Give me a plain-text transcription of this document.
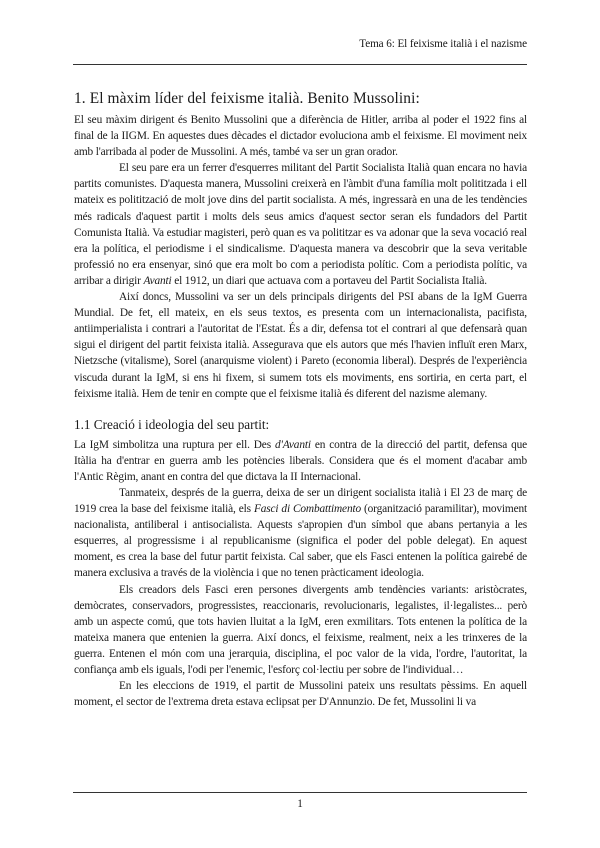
Tema 6: El feixisme italià i el nazisme
1. El màxim líder del feixisme italià. Benito Mussolini:

El seu màxim dirigent és Benito Mussolini que a diferència de Hitler, arriba al poder el 1922 fins al final de la IIGM. En aquestes dues dècades el dictador evoluciona amb el feixisme. El moviment neix amb l'arribada al poder de Mussolini. A més, també va ser un gran orador.

El seu pare era un ferrer d'esquerres militant del Partit Socialista Italià quan encara no havia partits comunistes. D'aquesta manera, Mussolini creixerà en l'àmbit d'una família molt polititzada i ell mateix es politització de molt jove dins del partit socialista. A més, ingressarà en una de les tendències més radicals d'aquest partit i molts dels seus amics d'aquest sector seran els fundadors del Partit Comunista Italià. Va estudiar magisteri, però quan es va polititzar es va adonar que la seva vocació real era la política, el periodisme i el sindicalisme. D'aquesta manera va descobrir que la seva veritable professió no era ensenyar, sinó que era molt bo com a periodista polític. Com a periodista polític, va arribar a dirigir Avanti el 1912, un diari que actuava com a portaveu del Partit Socialista Italià.

Així doncs, Mussolini va ser un dels principals dirigents del PSI abans de la IgM Guerra Mundial. De fet, ell mateix, en els seus textos, es presenta com un internacionalista, pacifista, antiimperialista i contrari a l'autoritat de l'Estat. És a dir, defensa tot el contrari al que defensarà quan sigui el dirigent del partit feixista italià. Assegurava que els autors que més l'havien influït eren Marx, Nietzsche (vitalisme), Sorel (anarquisme violent) i Pareto (economia liberal). Després de l'experiència viscuda durant la IgM, si ens hi fixem, si sumem tots els moviments, ens sortiria, en certa part, el feixisme italià. Hem de tenir en compte que el feixisme italià és diferent del nazisme alemany.

1.1 Creació i ideologia del seu partit:

La IgM simbolitza una ruptura per ell. Des d'Avanti en contra de la direcció del partit, defensa que Itàlia ha d'entrar en guerra amb les potències liberals. Considera que és el moment d'acabar amb l'Antic Règim, anant en contra del que dictava la II Internacional.

Tanmateix, després de la guerra, deixa de ser un dirigent socialista italià i El 23 de març de 1919 crea la base del feixisme italià, els Fasci di Combattimento (organització paramilitar), moviment nacionalista, antiliberal i antisocialista. Aquests s'apropien d'un símbol que abans pertanyia a les esquerres, al progressisme i al republicanisme (significa el poder del poble delegat). En aquest moment, es crea la base del futur partit feixista. Cal saber, que els Fasci entenen la política gairebé de manera exclusiva a través de la violència i que no tenen pràcticament ideologia.

Els creadors dels Fasci eren persones divergents amb tendències variants: aristòcrates, demòcrates, conservadors, progressistes, reaccionaris, revolucionaris, legalistes, il·legalistes... però amb un aspecte comú, que tots havien lluitat a la IgM, eren exmilitars. Tots entenen la política de la mateixa manera que entenien la guerra. Així doncs, el feixisme, realment, neix a les trinxeres de la guerra. Entenen el món com una jerarquia, disciplina, el poc valor de la vida, l'ordre, l'autoritat, la confiança amb els iguals, l'odi per l'enemic, l'esforç col·lectiu per sobre de l'individual…

En les eleccions de 1919, el partit de Mussolini pateix uns resultats pèssims. En aquell moment, el sector de l'extrema dreta estava eclipsat per D'Annunzio. De fet, Mussolini li va

1
